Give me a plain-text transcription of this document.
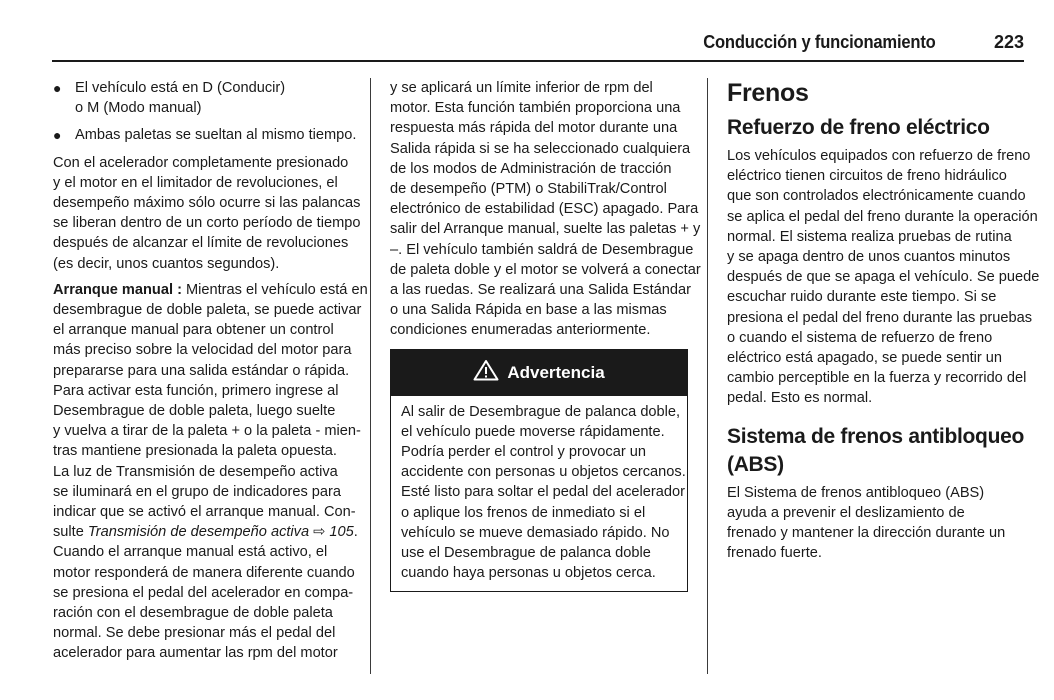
Conducción y funcionamiento	223
● El vehículo está en D (Conducir)
o M (Modo manual)
● Ambas paletas se sueltan al mismo tiempo.
Con el acelerador completamente presionado
y el motor en el limitador de revoluciones, el
desempeño máximo sólo ocurre si las palancas
se liberan dentro de un corto período de tiempo
después de alcanzar el límite de revoluciones
(es decir, unos cuantos segundos).
Arranque manual : Mientras el vehículo está en
desembrague de doble paleta, se puede activar
el arranque manual para obtener un control
más preciso sobre la velocidad del motor para
prepararse para una salida estándar o rápida.
Para activar esta función, primero ingrese al
Desembrague de doble paleta, luego suelte
y vuelva a tirar de la paleta + o la paleta - mien-
tras mantiene presionada la paleta opuesta.
La luz de Transmisión de desempeño activa
se iluminará en el grupo de indicadores para
indicar que se activó el arranque manual. Con-
sulte Transmisión de desempeño activa ⇨ 105.
Cuando el arranque manual está activo, el
motor responderá de manera diferente cuando
se presiona el pedal del acelerador en compa-
ración con el desembrague de doble paleta
normal. Se debe presionar más el pedal del
acelerador para aumentar las rpm del motor
y se aplicará un límite inferior de rpm del
motor. Esta función también proporciona una
respuesta más rápida del motor durante una
Salida rápida si se ha seleccionado cualquiera
de los modos de Administración de tracción
de desempeño (PTM) o StabiliTrak/Control
electrónico de estabilidad (ESC) apagado. Para
salir del Arranque manual, suelte las paletas + y
–. El vehículo también saldrá de Desembrague
de paleta doble y el motor se volverá a conectar
a las ruedas. Se realizará una Salida Estándar
o una Salida Rápida en base a las mismas
condiciones enumeradas anteriormente.
Advertencia
Al salir de Desembrague de palanca doble,
el vehículo puede moverse rápidamente.
Podría perder el control y provocar un
accidente con personas u objetos cercanos.
Esté listo para soltar el pedal del acelerador
o aplique los frenos de inmediato si el
vehículo se mueve demasiado rápido. No
use el Desembrague de palanca doble
cuando haya personas u objetos cerca.
Frenos
Refuerzo de freno eléctrico
Los vehículos equipados con refuerzo de freno
eléctrico tienen circuitos de freno hidráulico
que son controlados electrónicamente cuando
se aplica el pedal del freno durante la operación
normal. El sistema realiza pruebas de rutina
y se apaga dentro de unos cuantos minutos
después de que se apaga el vehículo. Se puede
escuchar ruido durante este tiempo. Si se
presiona el pedal del freno durante las pruebas
o cuando el sistema de refuerzo de freno
eléctrico está apagado, se puede sentir un
cambio perceptible en la fuerza y recorrido del
pedal. Esto es normal.
Sistema de frenos antibloqueo
(ABS)
El Sistema de frenos antibloqueo (ABS)
ayuda a prevenir el deslizamiento de
frenado y mantener la dirección durante un
frenado fuerte.
